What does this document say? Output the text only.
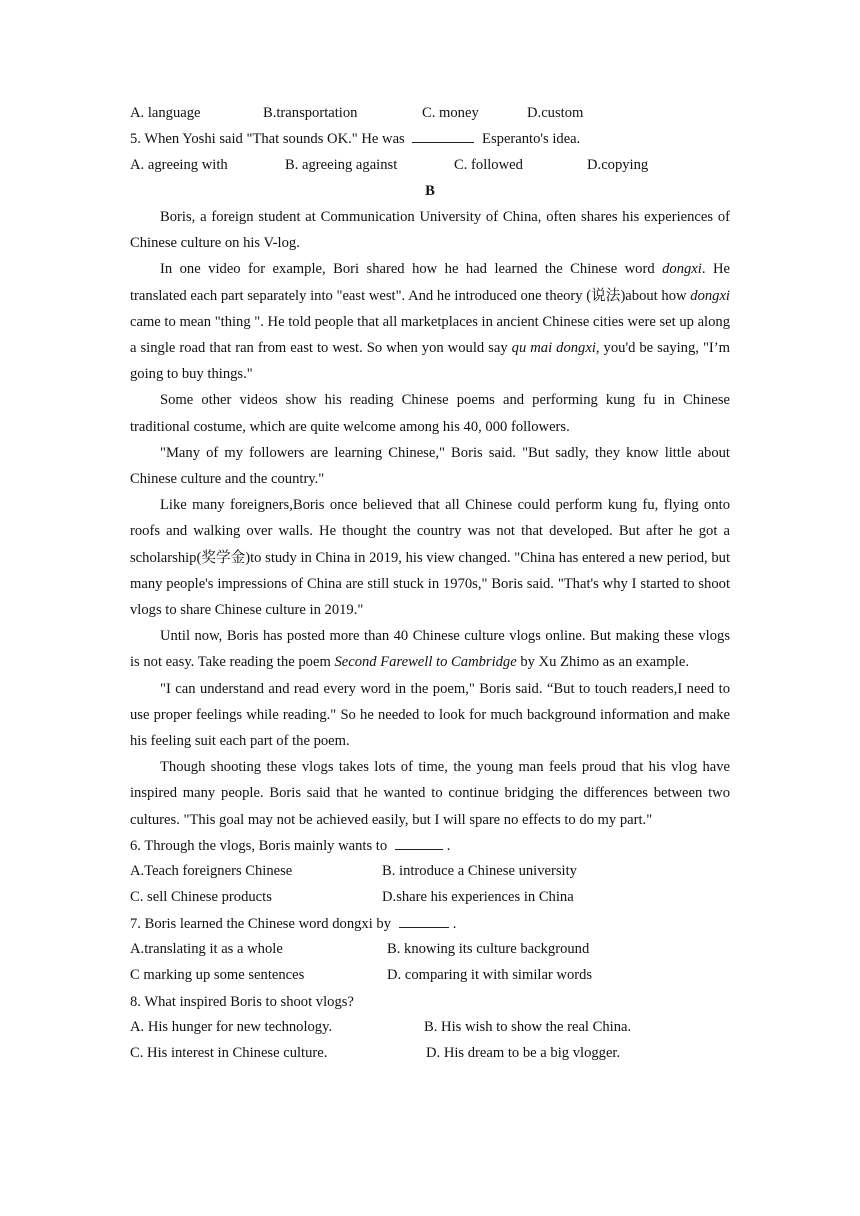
A. language	B.transportation	C. money	D.custom
5. When Yoshi said "That sounds OK." He was	Esperanto's idea.
A. agreeing with	B. agreeing against	C. followed	D.copying
B

Boris, a foreign student at Communication University of China, often shares his experiences of Chinese culture on his V-log.

In one video for example, Bori shared how he had learned the Chinese word dongxi. He translated each part separately into "east west". And he introduced one theory (说法)about how dongxi came to mean "thing ". He told people that all marketplaces in ancient Chinese cities were set up along a single road that ran from east to west. So when yon would say qu mai dongxi, you'd be saying, "I’m going to buy things."

Some other videos show his reading Chinese poems and performing kung fu in Chinese traditional costume, which are quite welcome among his 40, 000 followers.

"Many of my followers are learning Chinese," Boris said. "But sadly, they know little about Chinese culture and the country."

Like many foreigners,Boris once believed that all Chinese could perform kung fu, flying onto roofs and walking over walls. He thought the country was not that developed. But after he got a scholarship(奖学金)to study in China in 2019, his view changed. "China has entered a new period, but many people's impressions of China are still stuck in 1970s," Boris said. "That's why I started to shoot vlogs to share Chinese culture in 2019."

Until now, Boris has posted more than 40 Chinese culture vlogs online. But making these vlogs is not easy. Take reading the poem Second Farewell to Cambridge by Xu Zhimo as an example.

"I can understand and read every word in the poem," Boris said. “But to touch readers,I need to use proper feelings while reading." So he needed to look for much background information and make his feeling suit each part of the poem.

Though shooting these vlogs takes lots of time, the young man feels proud that his vlog have inspired many people. Boris said that he wanted to continue bridging the differences between two cultures. "This goal may not be achieved easily, but I will spare no effects to do my part."

6. Through the vlogs, Boris mainly wants to	.
A.Teach foreigners Chinese	B. introduce a Chinese university
C. sell Chinese products	D.share his experiences in China
7. Boris learned the Chinese word dongxi by	.
A.translating it as a whole	B. knowing its culture background
C marking up some sentences	D. comparing it with similar words
8. What inspired Boris to shoot vlogs?
A. His hunger for new technology.	B. His wish to show the real China.
C. His interest in Chinese culture.	D. His dream to be a big vlogger.
